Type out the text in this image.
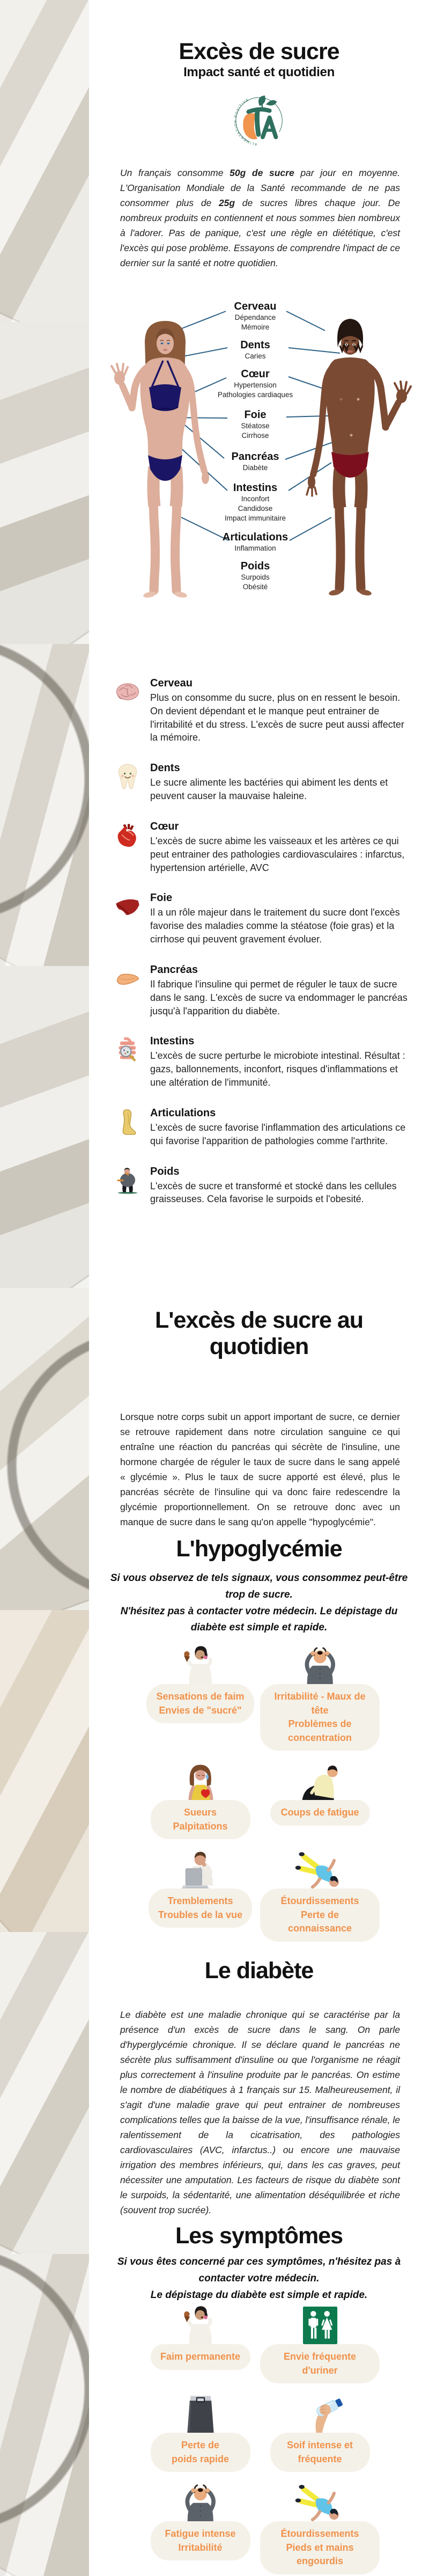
Excès de sucre
Impact santé et quotidien
ALIMENTATION POSITIVE

Un français consomme 50g de sucre par jour en moyenne. L'Organisation Mondiale de la Santé recommande de ne pas consommer plus de 25g de sucres libres chaque jour. De nombreux produits en contiennent et nous sommes bien nombreux à l'adorer. Pas de panique, c'est une règle en diététique, c'est l'excès qui pose problème. Essayons de comprendre l'impact de ce dernier sur la santé et notre quotidien.

Cerveau
Dépendance
Mémoire
Dents
Caries
Cœur
Hypertension
Pathologies cardiaques
Foie
Stéatose
Cirrhose
Pancréas
Diabète
Intestins
Inconfort
Candidose
Impact immunitaire
Articulations
Inflammation
Poids
Surpoids
Obésité
Cerveau
Plus on consomme du sucre, plus on en ressent le besoin. On devient dépendant et le manque peut entrainer de l'irritabilité et du stress. L'excès de sucre peut aussi affecter la mémoire.
Dents
Le sucre alimente les bactéries qui abiment les dents et peuvent causer la mauvaise haleine.
Cœur
L'excès de sucre abime les vaisseaux et les artères ce qui peut entrainer des pathologies cardiovasculaires : infarctus, hypertension artérielle, AVC
Foie
Il a un rôle majeur dans le traitement du sucre dont l'excès favorise des maladies comme la stéatose (foie gras) et la cirrhose qui peuvent gravement évoluer.
Pancréas
Il fabrique l'insuline qui permet de réguler le taux de sucre dans le sang. L'excès de sucre va endommager le pancréas jusqu'à l'apparition du diabète.
Intestins
L'excès de sucre perturbe le microbiote intestinal. Résultat : gazs, ballonnements, inconfort, risques d'inflammations et une altération de l'immunité.
Articulations
L'excès de sucre favorise l'inflammation des articulations ce qui favorise l'apparition de pathologies comme l'arthrite.
Poids
L'excès de sucre et transformé et stocké dans les cellules graisseuses. Cela favorise le surpoids et l'obesité.
L'excès de sucre au quotidien

Lorsque notre corps subit un apport important de sucre, ce dernier se retrouve rapidement dans notre circulation sanguine ce qui entraîne une réaction du pancréas qui sécrète de l'insuline, une hormone chargée de réguler le taux de sucre dans le sang appelé « glycémie ». Plus le taux de sucre apporté est élevé, plus le pancréas sécrète de l'insuline qui va donc faire redescendre la glycémie proportionnellement. On se retrouve donc avec un manque de sucre dans le sang qu'on appelle "hypoglycémie".

L'hypoglycémie
Si vous observez de tels signaux, vous consommez peut-être trop de sucre.
N'hésitez pas à contacter votre médecin. Le dépistage du diabète est simple et rapide.
Sensations de faim
Envies de "sucré"
Irritabilité - Maux de tête
Problèmes de concentration
Sueurs
Palpitations
Coups de fatigue
Tremblements
Troubles de la vue
Étourdissements
Perte de connaissance
Le diabète

Le diabète est une maladie chronique qui se caractérise par la présence d'un excès de sucre dans le sang. On parle d'hyperglycémie chronique. Il se déclare quand le pancréas ne sécrète plus suffisamment d'insuline ou que l'organisme ne réagit plus correctement à l'insuline produite par le pancréas. On estime le nombre de diabétiques à 1 français sur 15. Malheureusement, il s'agit d'une maladie grave qui peut entrainer de nombreuses complications telles que la baisse de la vue, l'insuffisance rénale, le ralentissement de la cicatrisation, des pathologies cardiovasculaires (AVC, infarctus..) ou encore une mauvaise irrigation des membres inférieurs, qui, dans les cas graves, peut nécessiter une amputation. Les facteurs de risque du diabète sont le surpoids, la sédentarité, une alimentation déséquilibrée et riche (souvent trop sucrée).

Les symptômes
Si vous êtes concerné par ces symptômes, n'hésitez pas à contacter votre médecin.
Le dépistage du diabète est simple et rapide.
Faim permanente	Envie fréquente d'uriner
Perte de
poids rapide
Soif intense et
fréquente
Fatigue intense
Irritabilité
Étourdissements
Pieds et mains engourdis
